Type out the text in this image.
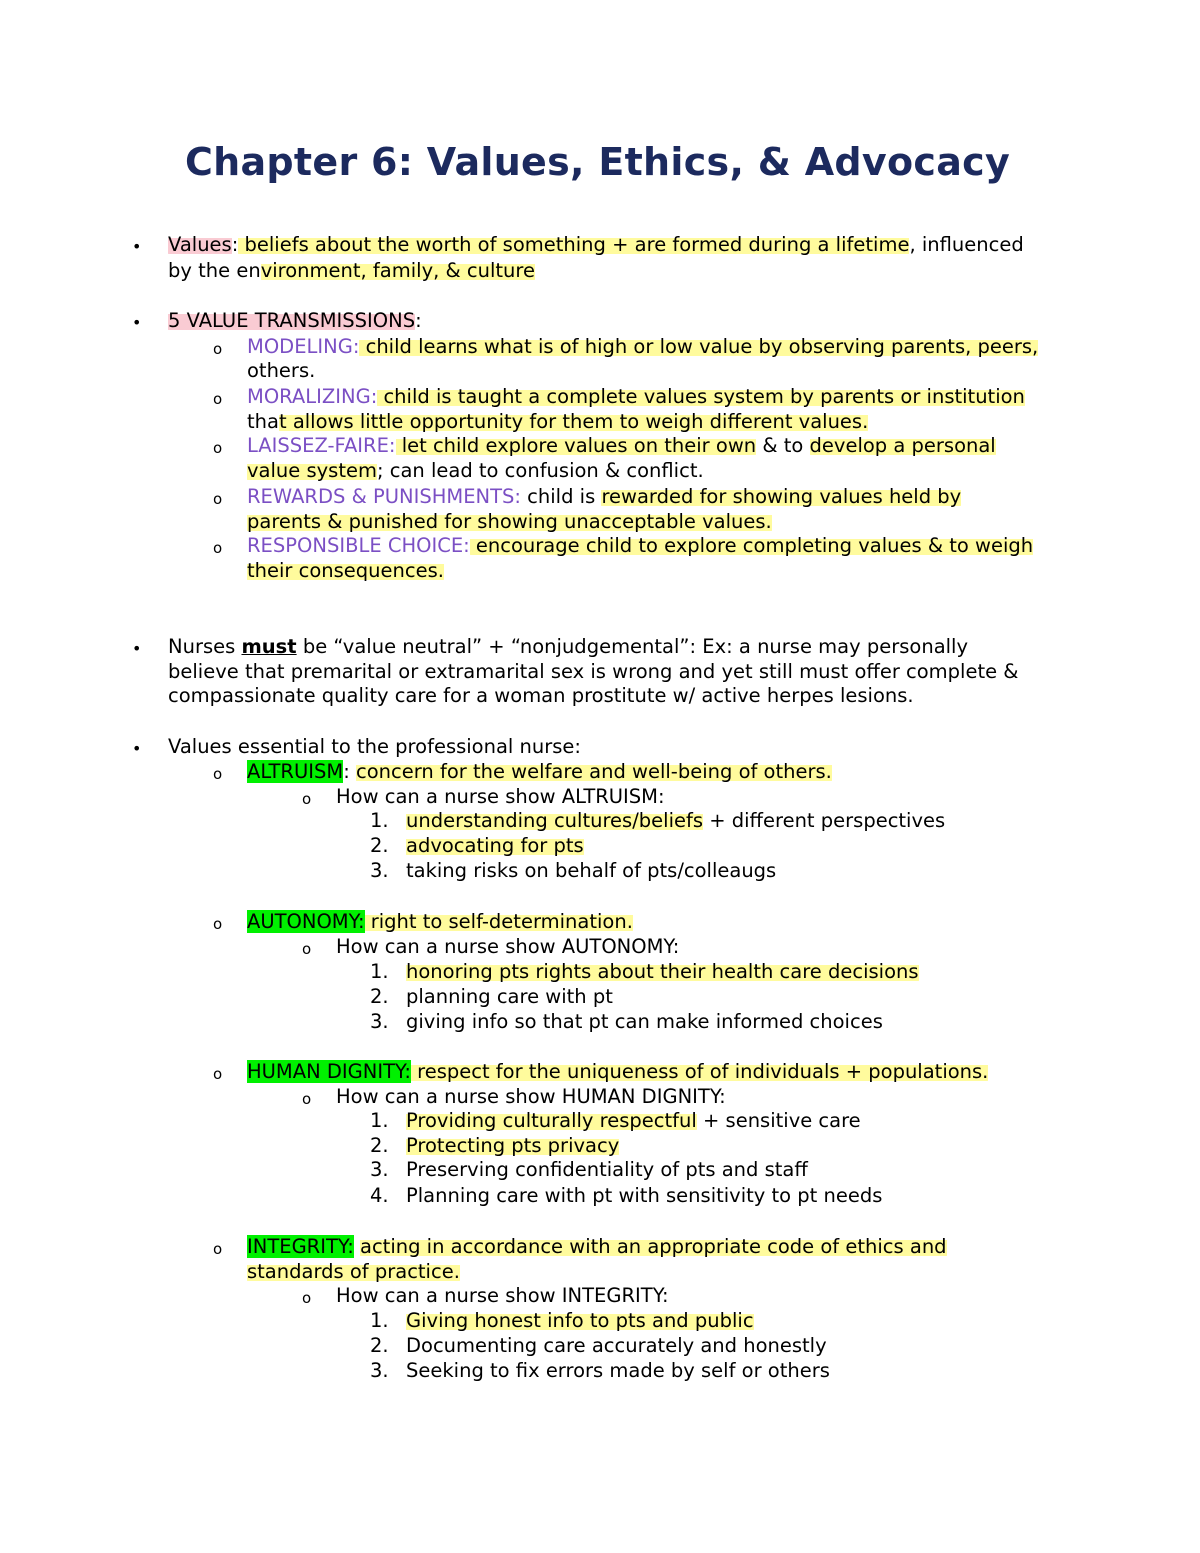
Chapter 6: Values, Ethics, & Advocacy
• Values: beliefs about the worth of something + are formed during a lifetime, influenced
by the environment, family, & culture
• 5 VALUE TRANSMISSIONS:
o MODELING: child learns what is of high or low value by observing parents, peers,
others.
o MORALIZING: child is taught a complete values system by parents or institution
that allows little opportunity for them to weigh different values.
o LAISSEZ-FAIRE: let child explore values on their own & to develop a personal
value system; can lead to confusion & conflict.
o REWARDS & PUNISHMENTS: child is rewarded for showing values held by
parents & punished for showing unacceptable values.
o RESPONSIBLE CHOICE: encourage child to explore completing values & to weigh
their consequences.
• Nurses must be “value neutral” + “nonjudgemental”: Ex: a nurse may personally
believe that premarital or extramarital sex is wrong and yet still must offer complete &
compassionate quality care for a woman prostitute w/ active herpes lesions.
• Values essential to the professional nurse:
o ALTRUISM: concern for the welfare and well-being of others.
o How can a nurse show ALTRUISM:
1. understanding cultures/beliefs + different perspectives
2. advocating for pts
3. taking risks on behalf of pts/colleaugs
o AUTONOMY: right to self-determination.
o How can a nurse show AUTONOMY:
1. honoring pts rights about their health care decisions
2. planning care with pt
3. giving info so that pt can make informed choices
o HUMAN DIGNITY: respect for the uniqueness of of individuals + populations.
o How can a nurse show HUMAN DIGNITY:
1. Providing culturally respectful + sensitive care
2. Protecting pts privacy
3. Preserving confidentiality of pts and staff
4. Planning care with pt with sensitivity to pt needs
o INTEGRITY: acting in accordance with an appropriate code of ethics and
standards of practice.
o How can a nurse show INTEGRITY:
1. Giving honest info to pts and public
2. Documenting care accurately and honestly
3. Seeking to fix errors made by self or others
